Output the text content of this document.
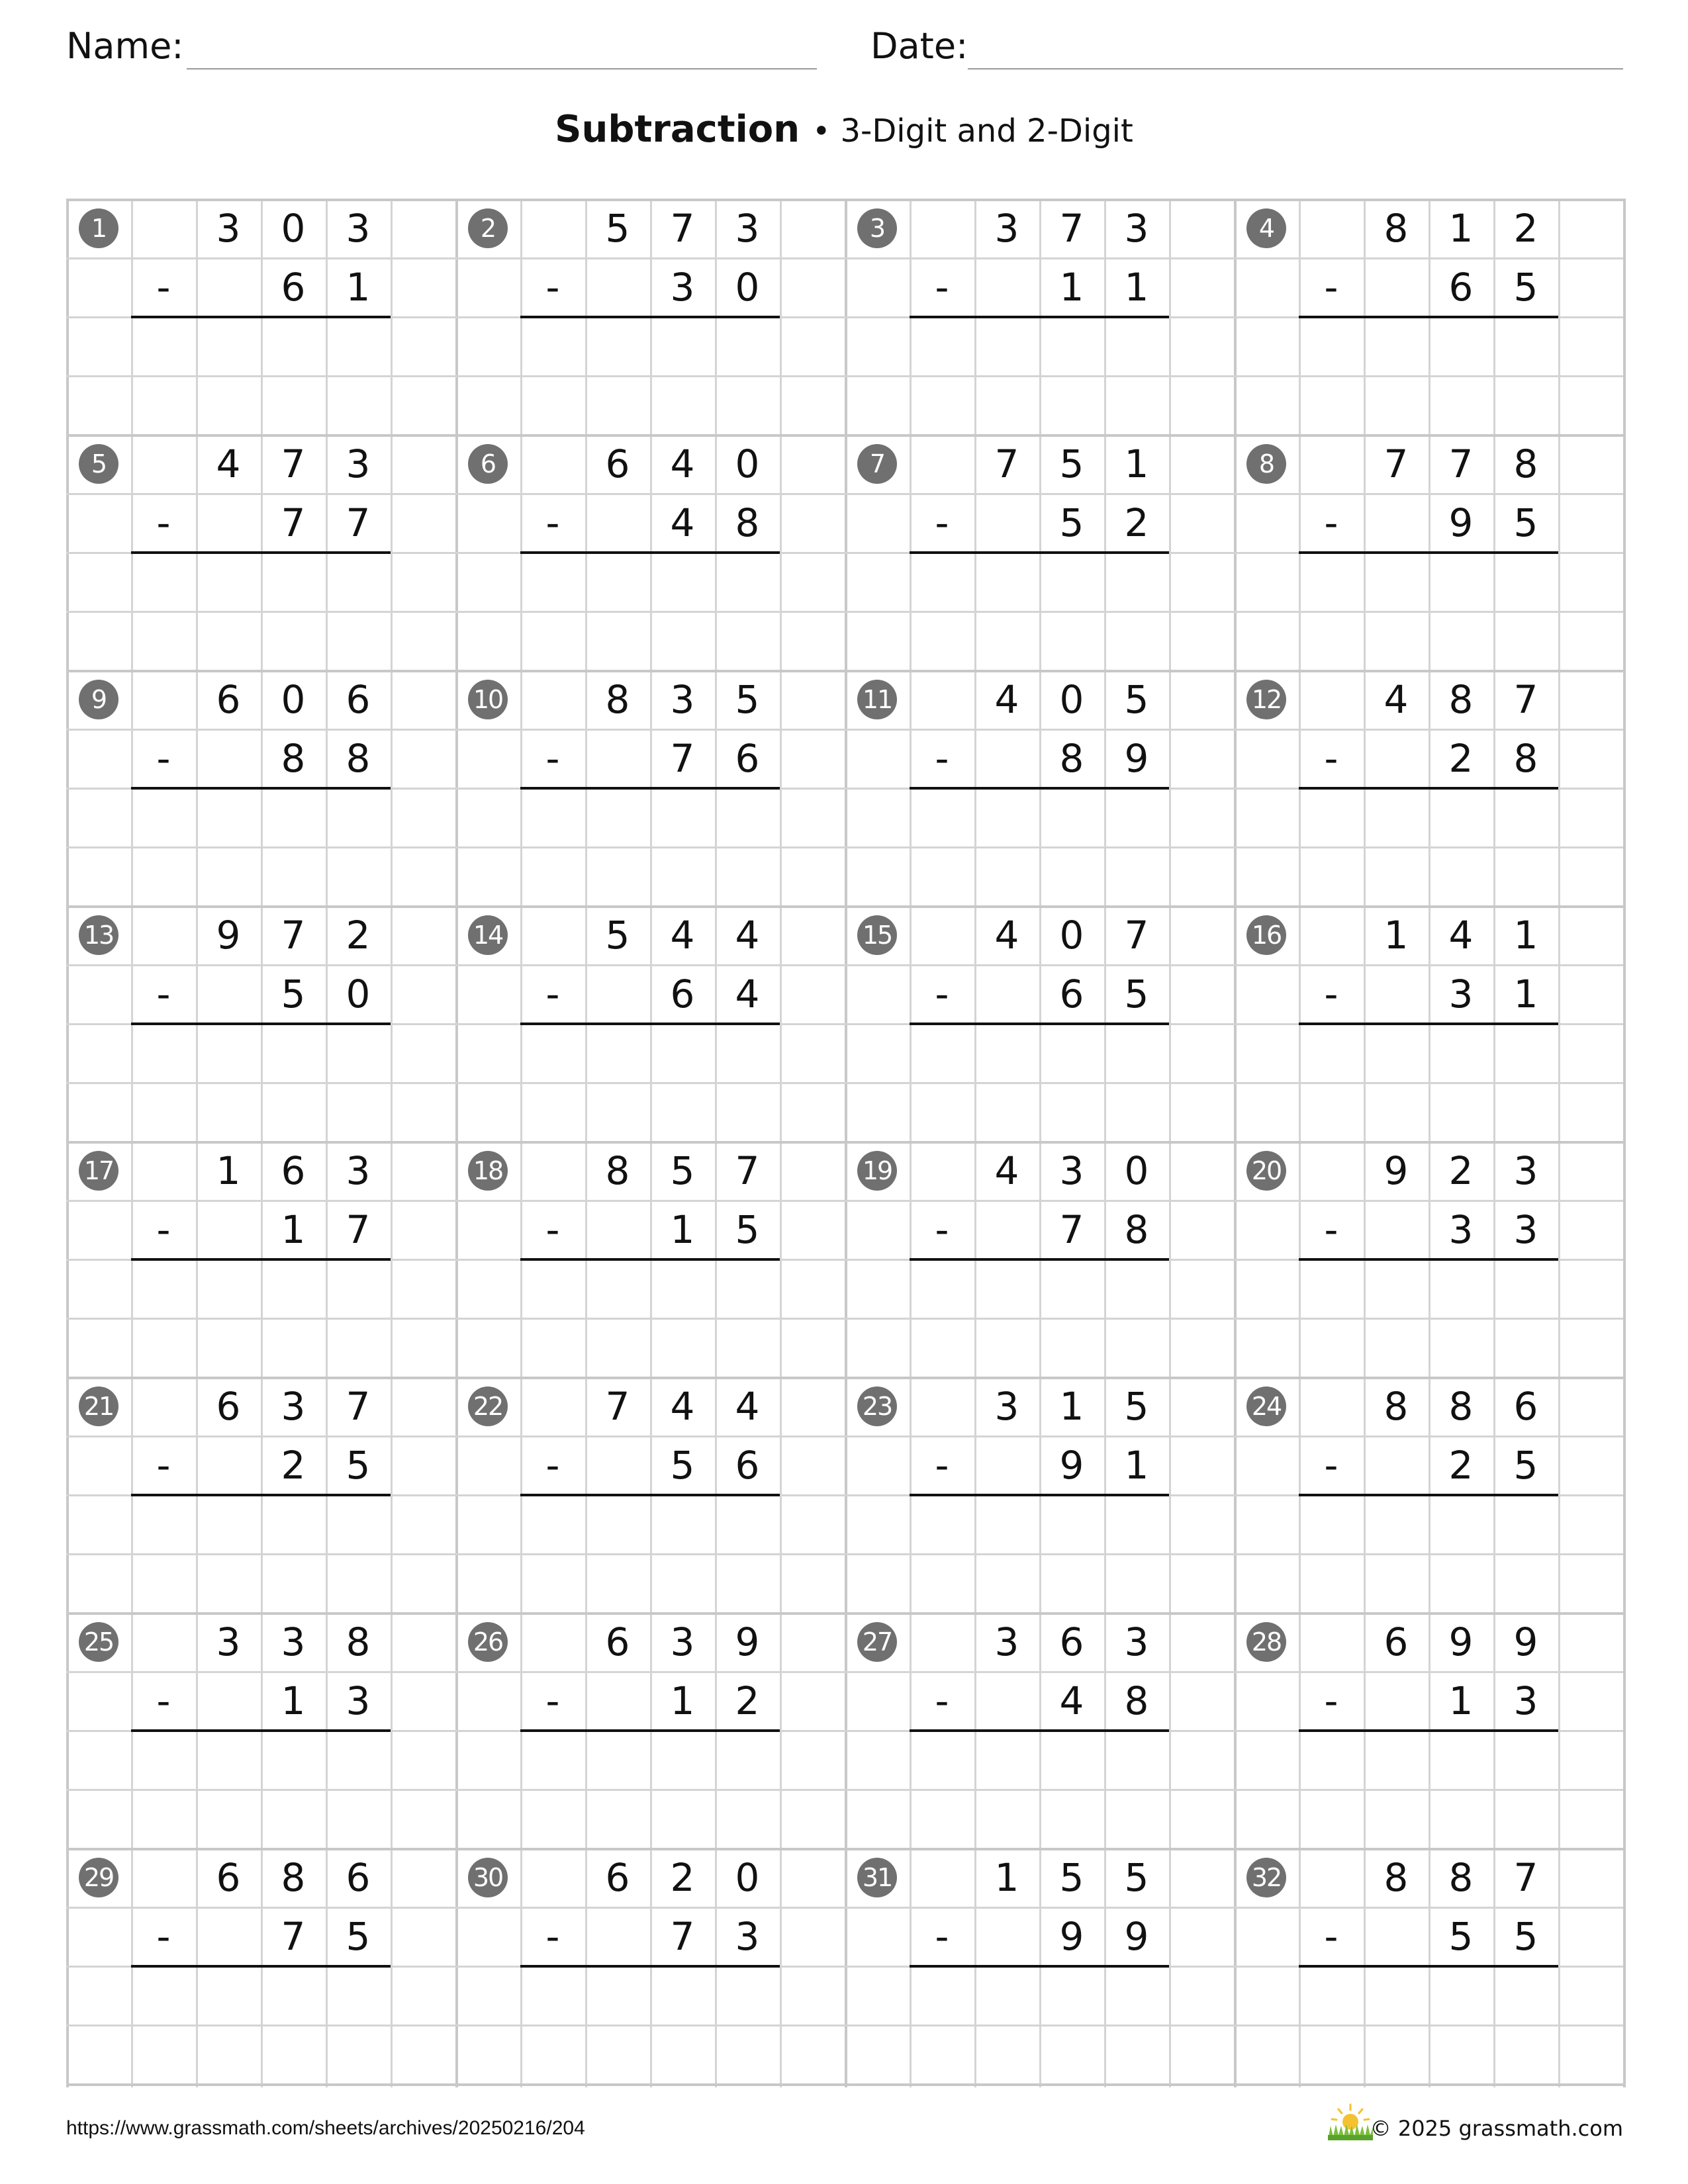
Name:	Date:
Subtraction • 3-Digit and 2-Digit
1	3	0	3
-	6	1
2	5	7	3
-	3	0
3	3	7	3
-	1	1
4	8	1	2
-	6	5
5	4	7	3
-	7	7
6	6	4	0
-	4	8
7	7	5	1
-	5	2
8	7	7	8
-	9	5
9	6	0	6
-	8	8
10	8	3	5
-	7	6
11	4	0	5
-	8	9
12	4	8	7
-	2	8
13	9	7	2
-	5	0
14	5	4	4
-	6	4
15	4	0	7
-	6	5
16	1	4	1
-	3	1
17	1	6	3
-	1	7
18	8	5	7
-	1	5
19	4	3	0
-	7	8
20	9	2	3
-	3	3
21	6	3	7
-	2	5
22	7	4	4
-	5	6
23	3	1	5
-	9	1
24	8	8	6
-	2	5
25	3	3	8
-	1	3
26	6	3	9
-	1	2
27	3	6	3
-	4	8
28	6	9	9
-	1	3
29	6	8	6
-	7	5
30	6	2	0
-	7	3
31	1	5	5
-	9	9
32	8	8	7
-	5	5
https://www.grassmath.com/sheets/archives/20250216/204	© 2025 grassmath.com
